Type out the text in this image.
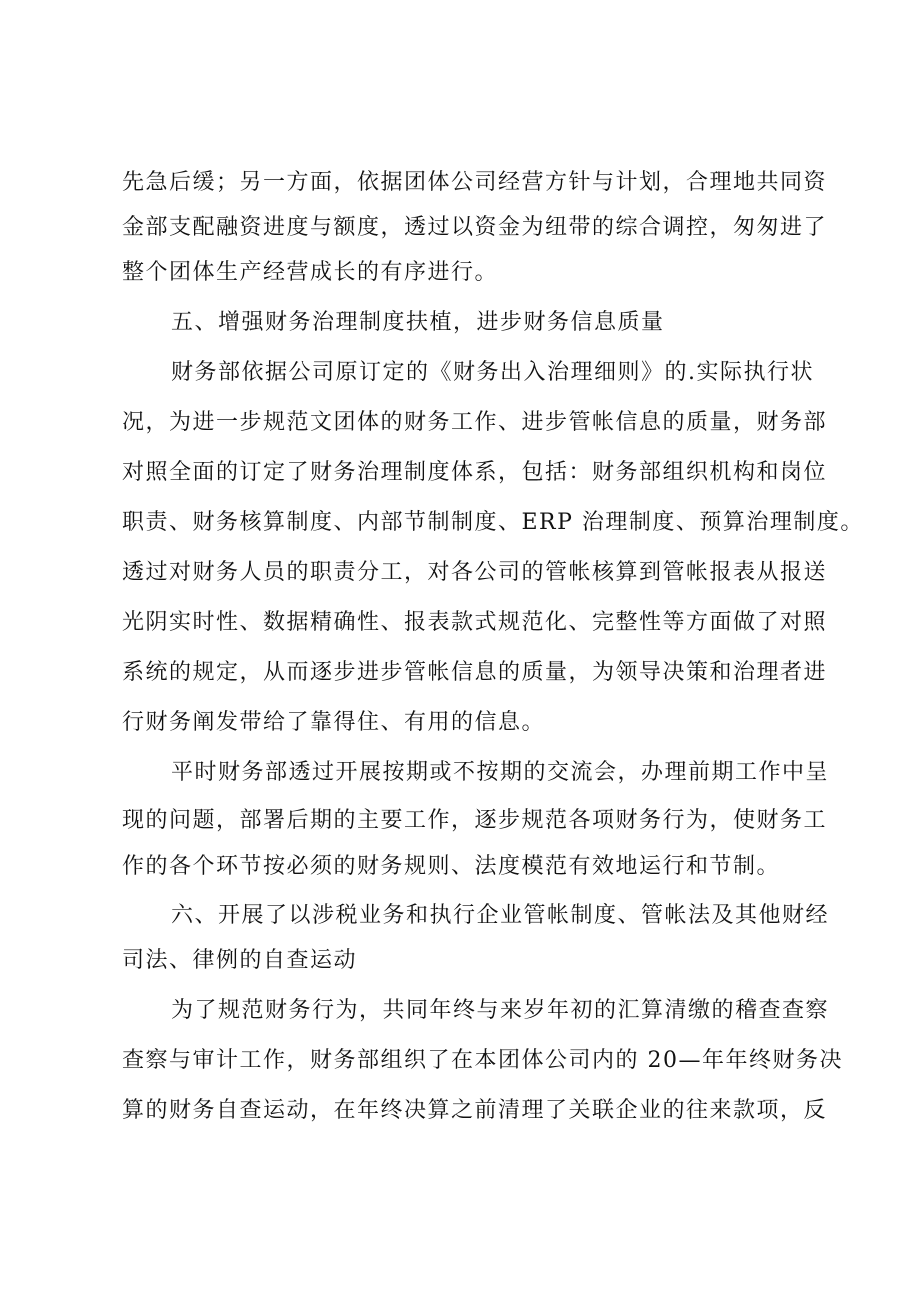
先急后缓；另一方面，依据团体公司经营方针与计划，合理地共同资
金部支配融资进度与额度，透过以资金为纽带的综合调控，匆匆进了
整个团体生产经营成长的有序进行。
五、增强财务治理制度扶植，进步财务信息质量
财务部依据公司原订定的《财务出入治理细则》的.实际执行状
况，为进一步规范文团体的财务工作、进步管帐信息的质量，财务部
对照全面的订定了财务治理制度体系，包括：财务部组织机构和岗位
职责、财务核算制度、内部节制制度、ERP 治理制度、预算治理制度。
透过对财务人员的职责分工，对各公司的管帐核算到管帐报表从报送
光阴实时性、数据精确性、报表款式规范化、完整性等方面做了对照
系统的规定，从而逐步进步管帐信息的质量，为领导决策和治理者进
行财务阐发带给了靠得住、有用的信息。
平时财务部透过开展按期或不按期的交流会，办理前期工作中呈
现的问题，部署后期的主要工作，逐步规范各项财务行为，使财务工
作的各个环节按必须的财务规则、法度模范有效地运行和节制。
六、开展了以涉税业务和执行企业管帐制度、管帐法及其他财经
司法、律例的自查运动
为了规范财务行为，共同年终与来岁年初的汇算清缴的稽查查察
查察与审计工作，财务部组织了在本团体公司内的 20—年年终财务决
算的财务自查运动，在年终决算之前清理了关联企业的往来款项，反
